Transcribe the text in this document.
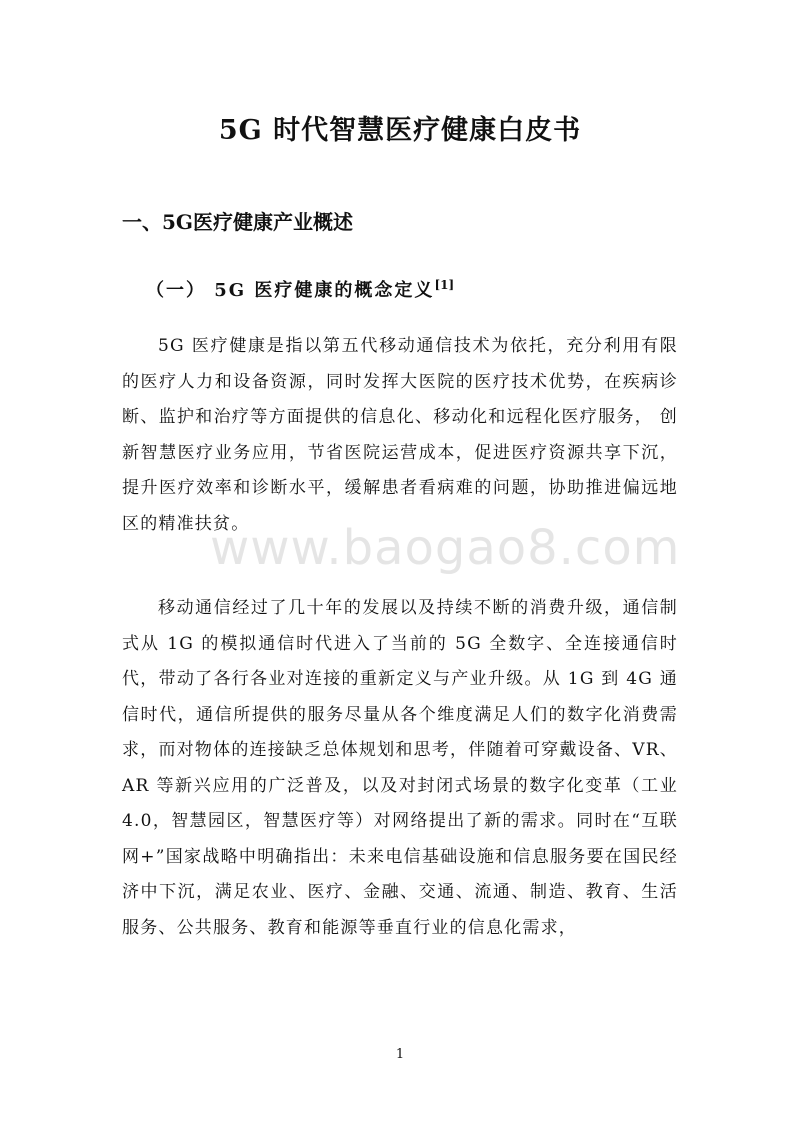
5G 时代智慧医疗健康白皮书
一、5G医疗健康产业概述
（一） 5G 医疗健康的概念定义[1]

5G 医疗健康是指以第五代移动通信技术为依托，充分利用有限的医疗人力和设备资源，同时发挥大医院的医疗技术优势，在疾病诊断、监护和治疗等方面提供的信息化、移动化和远程化医疗服务， 创新智慧医疗业务应用，节省医院运营成本，促进医疗资源共享下沉，提升医疗效率和诊断水平，缓解患者看病难的问题，协助推进偏远地区的精准扶贫。

移动通信经过了几十年的发展以及持续不断的消费升级，通信制式从 1G 的模拟通信时代进入了当前的 5G 全数字、全连接通信时代，带动了各行各业对连接的重新定义与产业升级。从 1G 到 4G 通信时代，通信所提供的服务尽量从各个维度满足人们的数字化消费需求，而对物体的连接缺乏总体规划和思考，伴随着可穿戴设备、VR、AR 等新兴应用的广泛普及，以及对封闭式场景的数字化变革（工业 4.0，智慧园区，智慧医疗等）对网络提出了新的需求。同时在“互联网+”国家战略中明确指出：未来电信基础设施和信息服务要在国民经济中下沉，满足农业、医疗、金融、交通、流通、制造、教育、生活服务、公共服务、教育和能源等垂直行业的信息化需求，

www.baogao8.com

1
